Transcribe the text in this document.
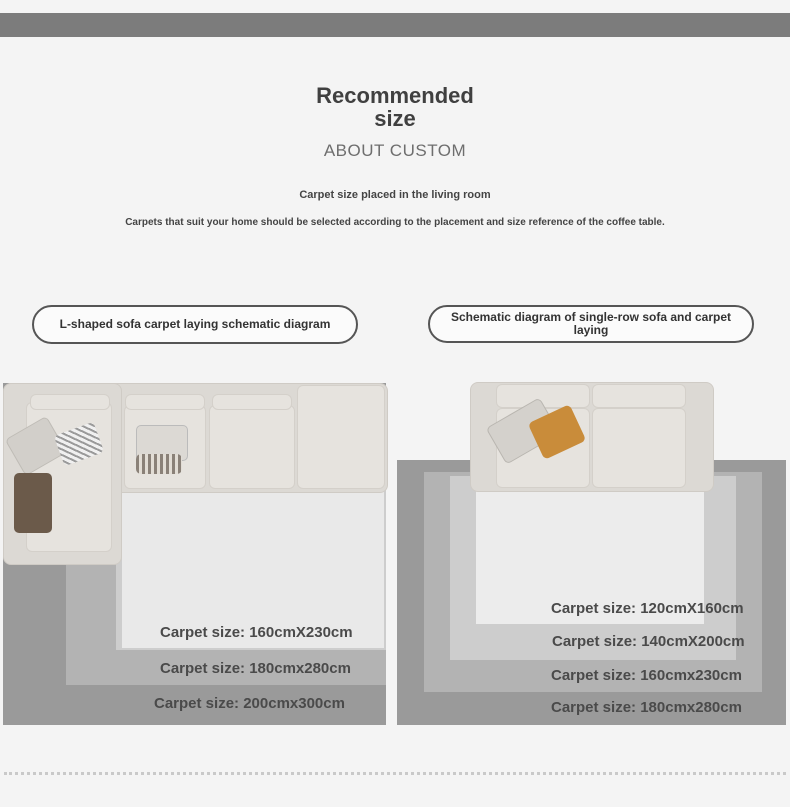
Recommended size
ABOUT CUSTOM
Carpet size placed in the living room
Carpets that suit your home should be selected according to the placement and size reference of the coffee table.
L-shaped sofa carpet laying schematic diagram	Schematic diagram of single-row sofa and carpet laying
Carpet size: 160cmX230cm
Carpet size: 180cmx280cm
Carpet size: 200cmx300cm
Carpet size: 120cmX160cm
Carpet size: 140cmX200cm
Carpet size: 160cmx230cm
Carpet size: 180cmx280cm
